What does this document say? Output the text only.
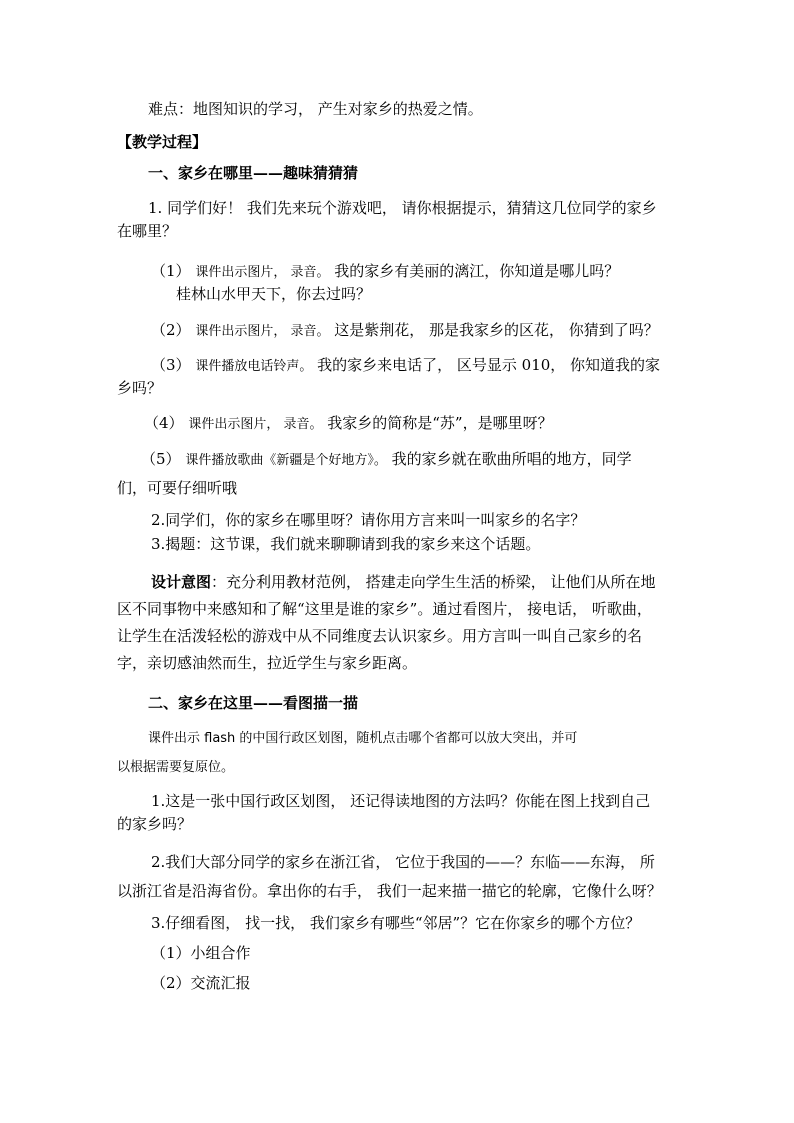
难点：地图知识的学习， 产生对家乡的热爱之情。
【教学过程】
一、家乡在哪里——趣味猜猜猜
1. 同学们好！ 我们先来玩个游戏吧， 请你根据提示，猜猜这几位同学的家乡
在哪里？
（1） 课件出示图片， 录音。 我的家乡有美丽的漓江，你知道是哪儿吗？
桂林山水甲天下，你去过吗？
（2） 课件出示图片， 录音。 这是紫荆花， 那是我家乡的区花， 你猜到了吗？
（3） 课件播放电话铃声。 我的家乡来电话了， 区号显示 010， 你知道我的家
乡吗？
（4） 课件出示图片， 录音。 我家乡的简称是“苏”，是哪里呀？
（5） 课件播放歌曲《新疆是个好地方》。 我的家乡就在歌曲所唱的地方，同学
们，可要仔细听哦
2.同学们，你的家乡在哪里呀？请你用方言来叫一叫家乡的名字？
3.揭题：这节课，我们就来聊聊请到我的家乡来这个话题。
设计意图：充分利用教材范例， 搭建走向学生生活的桥梁， 让他们从所在地
区不同事物中来感知和了解“这里是谁的家乡”。通过看图片， 接电话， 听歌曲，
让学生在活泼轻松的游戏中从不同维度去认识家乡。用方言叫一叫自己家乡的名
字，亲切感油然而生，拉近学生与家乡距离。
二、家乡在这里——看图描一描
课件出示 flash 的中国行政区划图，随机点击哪个省都可以放大突出，并可
以根据需要复原位。
1.这是一张中国行政区划图， 还记得读地图的方法吗？你能在图上找到自己
的家乡吗？
2.我们大部分同学的家乡在浙江省， 它位于我国的——？东临——东海， 所
以浙江省是沿海省份。拿出你的右手， 我们一起来描一描它的轮廓，它像什么呀？
3.仔细看图， 找一找， 我们家乡有哪些“邻居”？它在你家乡的哪个方位？
（1）小组合作
（2）交流汇报
